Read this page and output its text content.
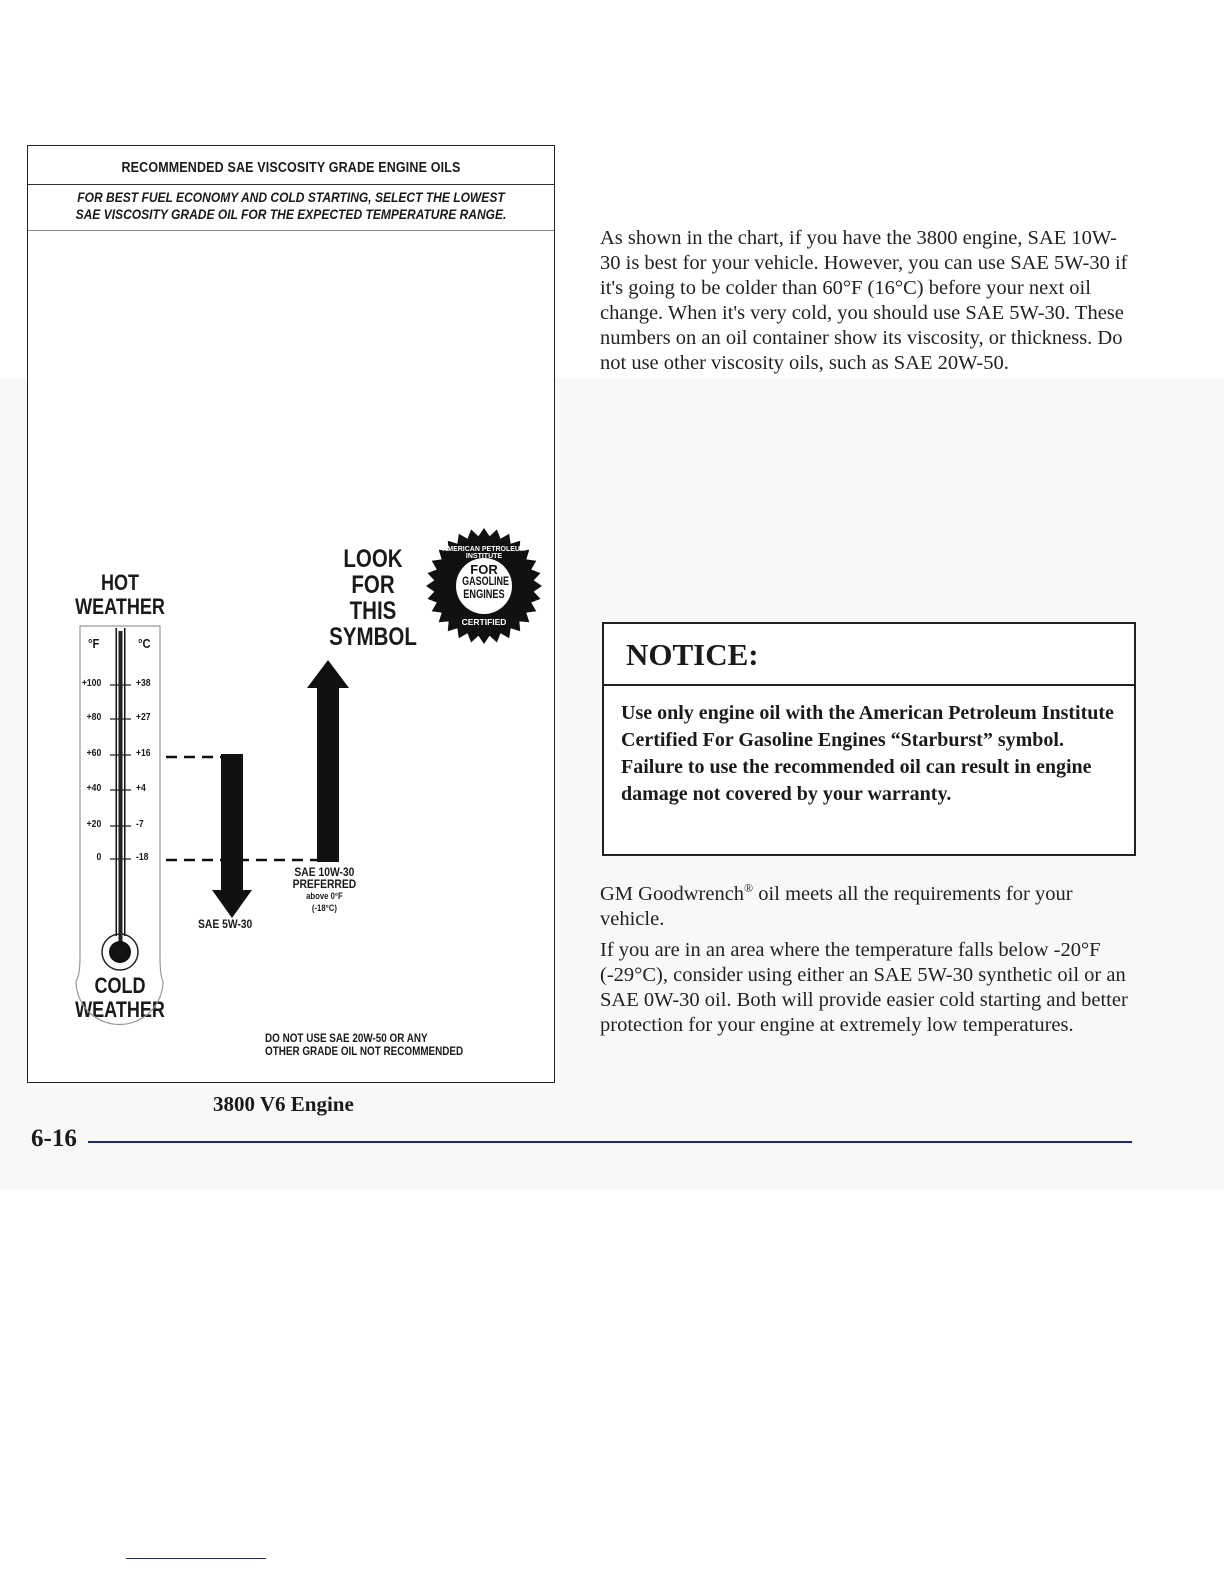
RECOMMENDED SAE VISCOSITY GRADE ENGINE OILS
FOR BEST FUEL ECONOMY AND COLD STARTING, SELECT THE LOWEST
SAE VISCOSITY GRADE OIL FOR THE EXPECTED TEMPERATURE RANGE.
HOT
WEATHER
LOOK
FOR THIS
SYMBOL
COLD
WEATHER
FOR
GASOLINE
ENGINES
AMERICAN PETROLEUM INSTITUTE
CERTIFIED
°F	°C
+100
+80
+60
+40
+20
0
+38
+27
+16
+4
-7
-18
SAE 5W-30
SAE 10W-30
PREFERRED
above 0°F
(-18°C)
DO NOT USE SAE 20W-50 OR ANY
OTHER GRADE OIL NOT RECOMMENDED
3800 V6 Engine

As shown in the chart, if you have the 3800 engine, SAE 10W-30 is best for your vehicle. However, you can use SAE 5W-30 if it's going to be colder than 60°F (16°C) before your next oil change. When it's very cold, you should use SAE 5W-30. These numbers on an oil container show its viscosity, or thickness. Do not use other viscosity oils, such as SAE 20W-50.

NOTICE:
Use only engine oil with the American Petroleum Institute Certified For Gasoline Engines “Starburst” symbol. Failure to use the recommended oil can result in engine damage not covered by your warranty.

GM Goodwrench® oil meets all the requirements for your vehicle.

If you are in an area where the temperature falls below -20°F (-29°C), consider using either an SAE 5W-30 synthetic oil or an SAE 0W-30 oil. Both will provide easier cold starting and better protection for your engine at extremely low temperatures.

6-16
